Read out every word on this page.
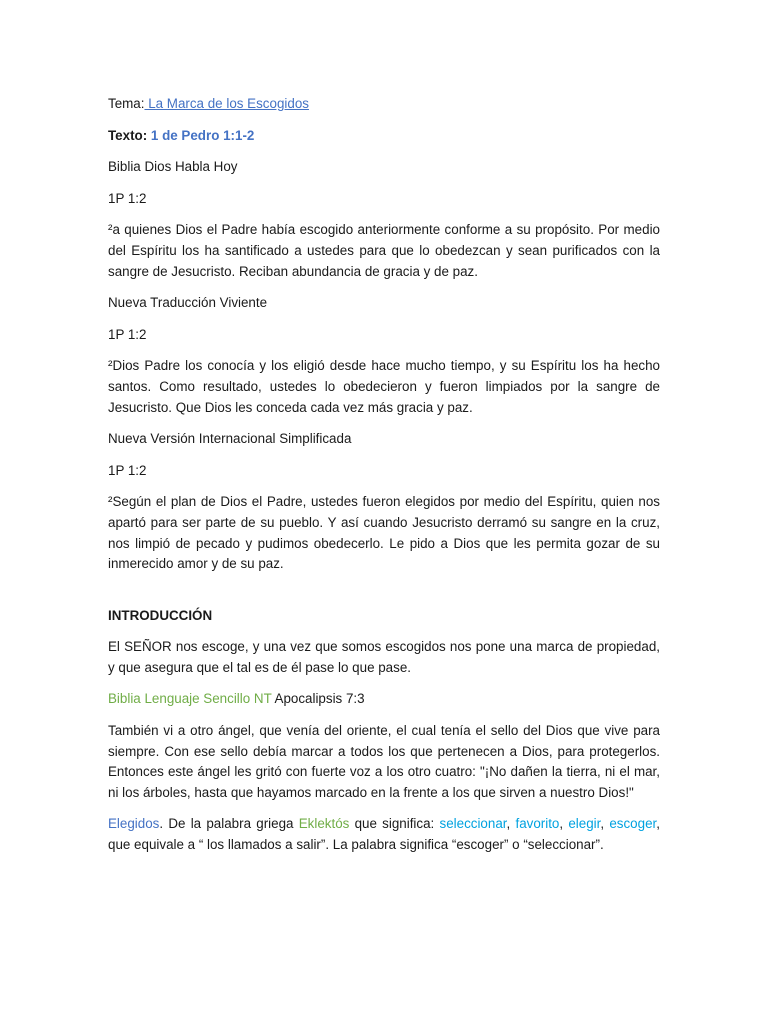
Tema: La Marca de los Escogidos

Texto: 1 de Pedro 1:1-2

Biblia Dios Habla Hoy

1P 1:2

²a quienes Dios el Padre había escogido anteriormente conforme a su propósito. Por medio del Espíritu los ha santificado a ustedes para que lo obedezcan y sean purificados con la sangre de Jesucristo. Reciban abundancia de gracia y de paz.

Nueva Traducción Viviente

1P 1:2

²Dios Padre los conocía y los eligió desde hace mucho tiempo, y su Espíritu los ha hecho santos. Como resultado, ustedes lo obedecieron y fueron limpiados por la sangre de Jesucristo. Que Dios les conceda cada vez más gracia y paz.

Nueva Versión Internacional Simplificada

1P 1:2

²Según el plan de Dios el Padre, ustedes fueron elegidos por medio del Espíritu, quien nos apartó para ser parte de su pueblo. Y así cuando Jesucristo derramó su sangre en la cruz, nos limpió de pecado y pudimos obedecerlo. Le pido a Dios que les permita gozar de su inmerecido amor y de su paz.

INTRODUCCIÓN

El SEÑOR nos escoge, y una vez que somos escogidos nos pone una marca de propiedad, y que asegura que el tal es de él pase lo que pase.

Biblia Lenguaje Sencillo NT Apocalipsis 7:3

También vi a otro ángel, que venía del oriente, el cual tenía el sello del Dios que vive para siempre. Con ese sello debía marcar a todos los que pertenecen a Dios, para protegerlos. Entonces este ángel les gritó con fuerte voz a los otro cuatro: "¡No dañen la tierra, ni el mar, ni los árboles, hasta que hayamos marcado en la frente a los que sirven a nuestro Dios!"

Elegidos. De la palabra griega Eklektós que significa: seleccionar, favorito, elegir, escoger, que equivale a “ los llamados a salir”. La palabra significa “escoger” o “seleccionar”.
